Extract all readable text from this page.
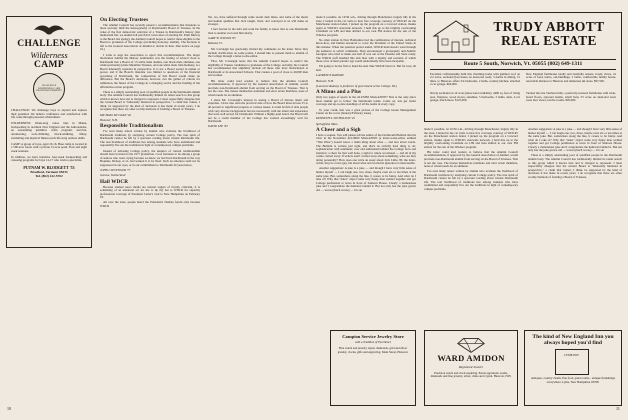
CHALLENGE
Wilderness
CAMP
CHALLENGE WILDERNESS CAMP BRADFORD VERMONT

CHALLENGE: We challenge boys to expand and explore their potential. We believe confidence and satisfaction with life come through personal achievement.

WILDERNESS: Week-long canoe trips in Maine, backpacking in northern New England and the Adirondacks, an outstanding primitive crafts program, survival, orienteering, rock-climbing, black-smithing, riflery, swimming and physical fitness teach life-long outdoor skills.

CAMP: A group of boys, aged 10-16. Base camp is located in a 500-acre forest with a private 15-acre pond. Four and eight week sessions.

In addition, we have intensive four-week backpacking and canoeing programs for boys 14-17 who wish to specialize.

PUTNAM W. BLODGETT '53
Bradford, Vermont 05033
Tel. (802) 222-5702
On Electing Trustees

The Alumni Council has recently passed a recommendation that threatens to more severely limit the heterogeneity of Dartmouth's Board of Trustees. In the wake of the first democratic selection of a Trustee in Dartmouth's history (last memoriam fail, we alumni fell just 8,015 votes short of electing Dr. Pauli Murray to the Board last spring), the Alumni Council hopes to restrict these eligible to the Board to graduates of the College (excluding honorary alumni). The decision is left to the General Association of Alumni to decide in June. Due notice on page 16.]

I write to urge the association to reject this recommendation. The major motivation behind the Murray nomination was the feeling of several close to Dartmouth that a Board of 13 white male alumni, one black male alumnus, one white (university) male Medelian Trustees, and one white male John Kemeny, is a Board inherently lopsided in perspective. It is not a Board seated in names or power, and if the Board's mandate was limited to questions of the financial governing of Dartmouth, the composition of this Board would make no difference. But the Board's decisions, however, run the gamut of criteria for admission, the future of the College in a changing world, and the funding of the affirmative-action program.

There is a simply outstanding pool of qualified people in the Dartmouth alumni body. The Alumni Council has traditionally limited its talent search to this group which it knows best and is charged to represent. I most respectfully disagree that the current Board is "inherently hindered in perspective," a claim that cannot, I think, be supported by the kind of decisions it has made in recent years. I do recognize that there are other worthy methods of forming a Board of Trustees.

MICHAEL MCGEAN '49
Hanover, N.H.
Responsible Traditionalism

I've read many letters written by alumni who evaluate the livelihood of Dartmouth traditions by analyzing current College policy. The true spirit of Dartmouth cannot be felt by a spectator reading about current Dartmouth life. The real livelihood of traditions lies among students who have assimilated and responsibly live out the traditions in light of contemporary campus problems.

Instead of debasing College policy, the skeptics of current traditionalism should have traveled to the 1977 graduation. I was fortunate to be among a group of seniors who went crying because we knew we had lived Dartmouth in the way Hopkins, Dickey, et al., had wanted it to be lived. Such an emotion could not be suppressed in our eyes, or in our commitment to Dartmouth 20 years hence.

JOHN CLEVENGER '77
Geneva, Switzerland
Hail WDCR

Because student news media are natural targets of faculty criticism, it is something of an unnatural act for me to tip my hat to WDCR for superbly professional coverage of President Carter's visit to New Hampshire on February 18.

All over the state, people heard the President's Nashua forum only because WDCR

We, too, have suffered through some recent dark times, and some of the ideals and human qualities that Jack taught, lived, and conveyed to us will make us stronger.

I feel forever in his debt and want his family to know that as one Dartmouth man to another we loved him dearly.

GARY W. WILSON '65
Rutland, Vt.

Mr. Cavanagh has graciously invited my comments on his letter. Since they include clarification on some points, I should like to present them to alumni of the College through a letter-to-the-editor.

First, Mr. Cavanagh notes that the Alumni Council hopes to restrict the eligibility of Trustee candidates to graduates of the College. Actually, the Council has recommended that eligibility include all those who have matriculated at Dartmouth or its Associated Schools. That creates a pool of close to 40,000 men and women.

His letter could lead readers to believe that the Alumni Council recommendations, if approved by the General Association of Alumni, would preclude non-Dartmouth alumni from serving on the Board of Trustees. That is not the case. The trustee themselves nominate and elect seven members, none of whom needs be an alumnus.

I share Mr. Cavanagh's interest in seeing a Board of diverse talent and expertise. I have also seen the practical side of how the Board must devote 25 to 40 percent to significant progress or various issues, it could be full of able people with very diverse backgrounds but not necessarily with the talent and experience that were well served for Dartmouth. Without a highly-paid board, the Board will not be a credit member of the College has worked exceedingly well for Dartmouth.

DAVID LEE '63

made it possible. At 10:30 a.m., driving through Manchester, largely idly in the state, I turned in the car radio to hear live coverage courtesy of WDCR? As the Manchester station faded, I picked up the program on a Concord station, thanks again to WDCR's statewide network. I held this up to the brightly overlooking Crantham on I-89 and then shifted to our own FM station for the rest of the Windsor program.

No other station in New Hampshire had the combination of interest, technical know-how, and human resources to cover the President of the United States in this manner. When the question period ended, WDCR interviewers went through the audience to solicit comments. They encountered a grotesquely anti-Semitic foreigner who tried to make one half of was out of the Panama and State candy. The WDCR staff handled this sick man with a dignity and restraint of which those of us of their parents' age would undoubtedly have been incapable.

I'm going to be the first to hand the next time WDCR blows it. But for now, all hail.

LAURENCE RADWAY
Hanover, N.H.

[Laurence Radway is professor of government at the College. Ed.]

A Minus and a Plus

Only two pages of sports in the ALUMNI MAGAZINE? This is the only place most alumni get to follow the Dartmouth teams. Come on, lets get better coverage and up-to-date standings of all the teams in every copy.

To your credit, that was a great picture of the College Green Management Center on the cover (January/February issue).

KENNETH S. NICHOLSON '45
Springfield, Mass.
A Cheer and a Sigh

I have a request. You will please tell the author of the Dartmouth Bulletin that his critic in the November ALUMNI MAGAZINE (a letter-to-the-editor entitled "This Wine") doesn't know a damn thing about wine — and less about words. The Bulletin is written just right, and that's an awfully hard thing to do; sophistication with sentiment; over and enthusiasm behind the College facts and statistics; a cheer for that well done, a sigh for where we missed — and all in my casino carried away. If writers aren't carried away about something, what are they doing personally? How does one write an essay about Jack Little, 80, the letter-writer, may be a nice guy, but about wine and words his ignorance is inexcusable.

Another suggestion: A joke is a joke — and though I have very little sense of humor myself — I can laugh one, two, three, maybe even six or ten times at the same joke. But, somewhere along the line, it ceases to be funny. And what do I take of? Why that "dales" object some very funny man welded together and got College permission to leave in front of Sanborn House. Clearly a tremendous joke and I congratulate the humorist behind it. But not only has the joke grown old — worse (much worse) — it is an

TRUDY ABBOTT
REAL ESTATE
Route 5 South, Norwich, Vt. 05055 (802) 649-1311

Excellent craftsmanship built this charming home with gambrel roof on 2.2 acres, secluded (last house on dead-end road). 3 dorms in dining, 15 mins. to Hanover, offers 3/4 bedrooms, 2 baths, country kitchen, attached 2-car garage. $64,000.

New England farmhouse totally and tastefully redone, lovely views, 41 acres of land, barns, out-buildings, 2 baths, comfortable family house, renovable distance to Hanover and numerous ski areas. $97,500.

Nicely secluded on 10 acres (more land available). 4400 sq. feet of living area, fireplace, wood stoves, sunshine, 5 bedrooms, 3 baths, deck, 2-car garage, much more. $125,000.

Tucked into the Vermont hills, a perfectly-restored farmhouse with wide-board floors, exposed beams, small barn, 55 acres on dead-end town road, nice views, twelve rooms. $95,000.

made it possible. At 10:30 a.m., driving through Manchester, largely idly in the state, I turned in the car radio to hear live coverage courtesy of WDCR? As the Manchester station faded, I picked up the program on a Concord station, thanks again to WDCR's statewide network. I held this up to the brightly overlooking Crantham on I-89 and then shifted to our own FM station for the rest of the Windsor program.

His letter could lead readers to believe that the Alumni Council recommendations, if approved by the General Association of Alumni, would preclude non-Dartmouth alumni from serving on the Board of Trustees. That is not the case. The trustee themselves nominate and elect seven members, none of whom needs be an alumnus.

I've read many letters written by alumni who evaluate the livelihood of Dartmouth traditions by analyzing current College policy. The true spirit of Dartmouth cannot be felt by a spectator reading about current Dartmouth life. The real livelihood of traditions lies among students who have assimilated and responsibly live out the traditions in light of contemporary campus problems.

Another suggestion: A joke is a joke — and though I have very little sense of humor myself — I can laugh one, two, three, maybe even six or ten times at the same joke. But, somewhere along the line, it ceases to be funny. And what do I take of? Why that "dales" object some very funny man welded together and got College permission to leave in front of Sanborn House. Clearly a tremendous joke and I congratulate the humorist behind it. But not only has the joke grown old — worse (much worse) — it is an

There is a simply outstanding pool of qualified people in the Dartmouth alumni body. The Alumni Council has traditionally limited its talent search to this group which it knows best and is charged to represent. I most respectfully disagree that the current Board is "inherently hindered in perspective," a claim that cannot, I think, be supported by the kind of decisions it has made in recent years. I do recognize that there are other worthy methods of forming a Board of Trustees.

Campion Service Jewelry Store
with a Tradition of Excellence
Fine watch and jewelry repair, diamonds, gold and silver jewelry, clocks, gifts and engraving. Main Street, Hanover.
WARD AMIDON
Registered Jeweler
Precision watch and clock repairing. Estate appraisals. Gems, diamonds and fine jewelry, silver, china and crystal. Hanover, N.H.
The kind of New England Inn you always hoped you'd find
LYME INN
Antiques, country charm, fine food, quiet rooms... antique furnishings everywhere. Lyme, New Hampshire 03768.
10	11
